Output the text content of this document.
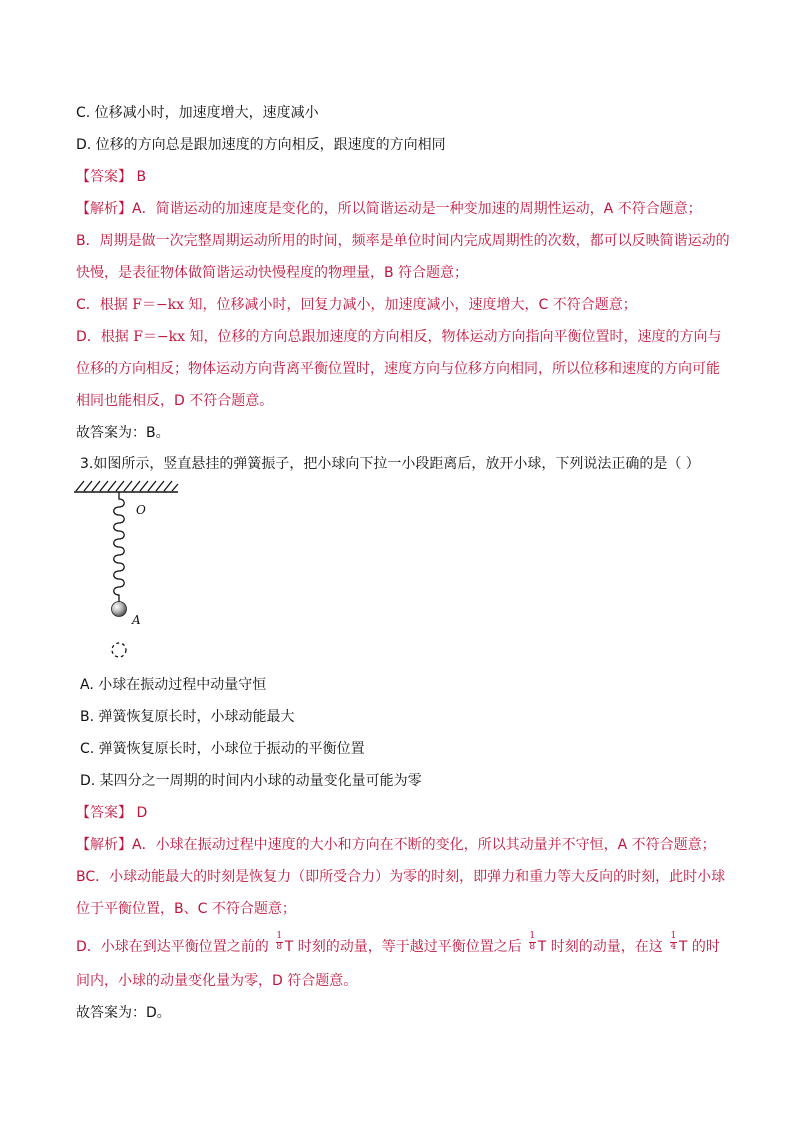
C. 位移减小时，加速度增大，速度减小
D. 位移的方向总是跟加速度的方向相反，跟速度的方向相同
【答案】 B
【解析】A．简谐运动的加速度是变化的，所以简谐运动是一种变加速的周期性运动，A 不符合题意；
B．周期是做一次完整周期运动所用的时间，频率是单位时间内完成周期性的次数，都可以反映简谐运动的
快慢，是表征物体做简谐运动快慢程度的物理量，B 符合题意；
C．根据 F＝−kx 知，位移减小时，回复力减小，加速度减小，速度增大，C 不符合题意；
D．根据 F＝−kx 知，位移的方向总跟加速度的方向相反，物体运动方向指向平衡位置时，速度的方向与
位移的方向相反；物体运动方向背离平衡位置时，速度方向与位移方向相同，所以位移和速度的方向可能
相同也能相反，D 不符合题意。
故答案为：B。
3.如图所示，竖直悬挂的弹簧振子，把小球向下拉一小段距离后，放开小球，下列说法正确的是（ ）
O
A
A. 小球在振动过程中动量守恒
B. 弹簧恢复原长时，小球动能最大
C. 弹簧恢复原长时，小球位于振动的平衡位置
D. 某四分之一周期的时间内小球的动量变化量可能为零
【答案】 D
【解析】A．小球在振动过程中速度的大小和方向在不断的变化，所以其动量并不守恒，A 不符合题意；
BC．小球动能最大的时刻是恢复力（即所受合力）为零的时刻，即弹力和重力等大反向的时刻，此时小球
位于平衡位置，B、C 不符合题意；
D．小球在到达平衡位置之前的 $\frac{1}{8}$ T 时刻的动量，等于越过平衡位置之后 $\frac{1}{8}$ T 时刻的动量，在这 $\frac{1}{4}$ T 的时
间内，小球的动量变化量为零，D 符合题意。
故答案为：D。
